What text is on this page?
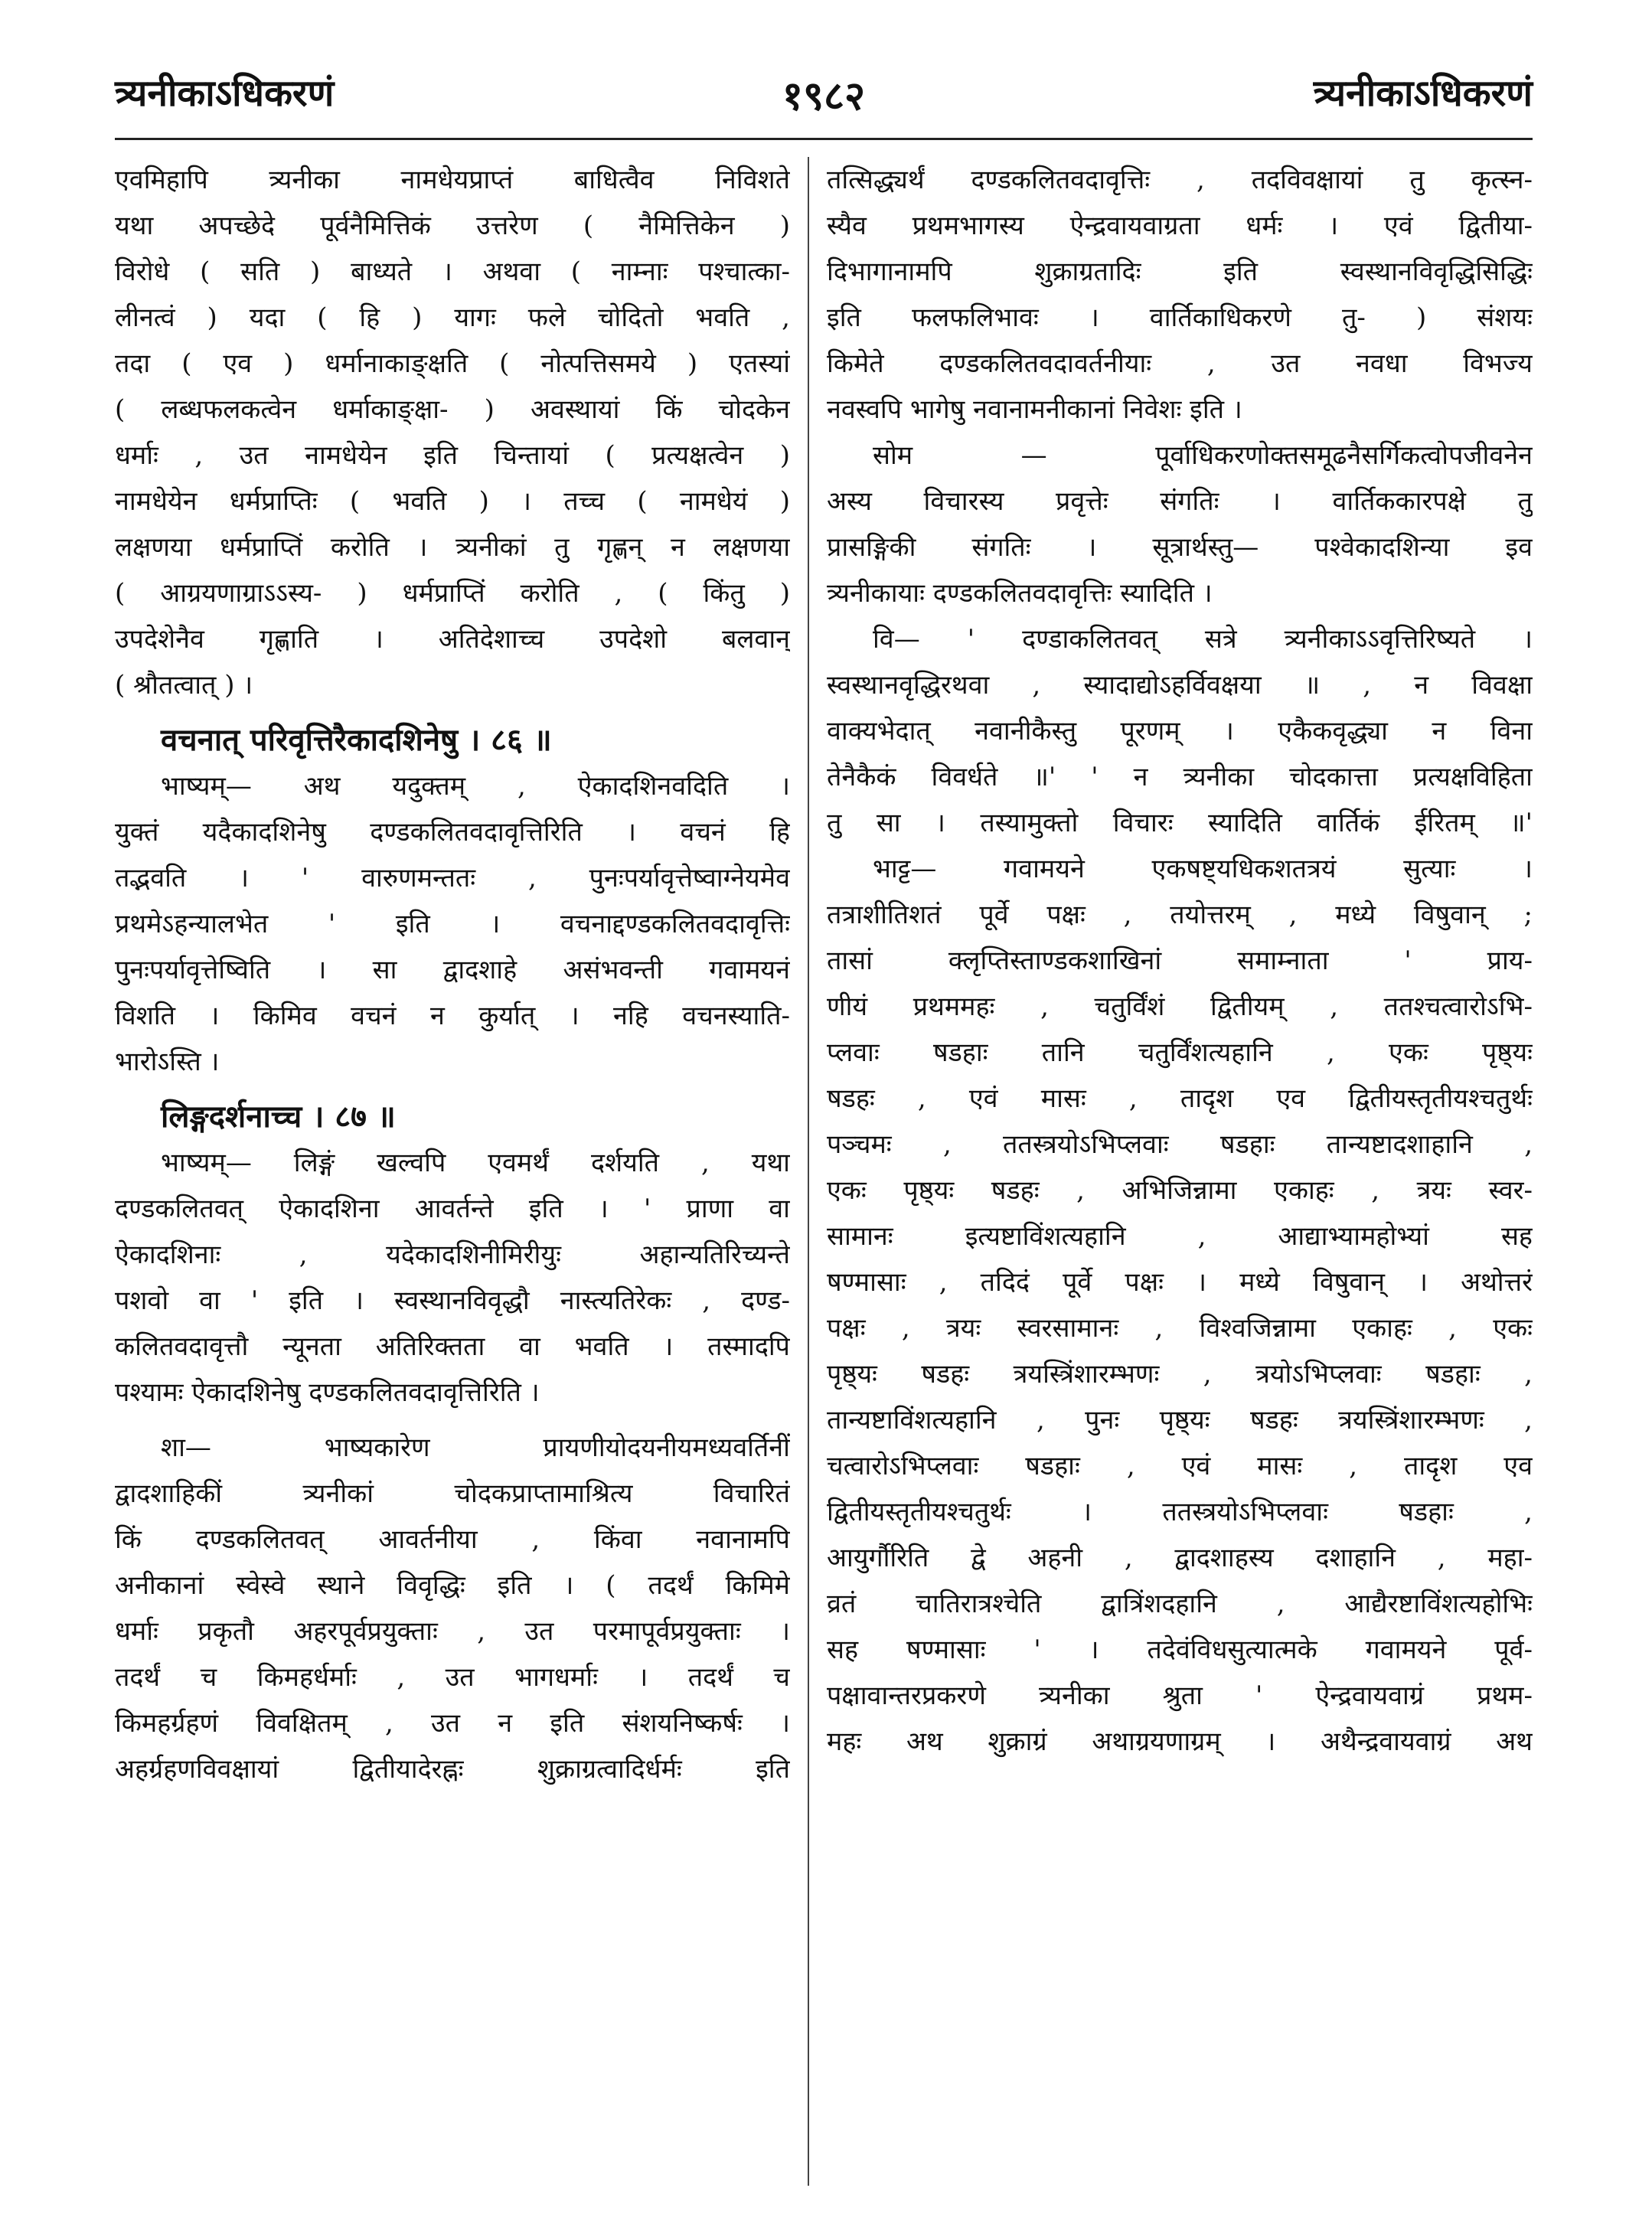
त्र्यनीकाऽधिकरणं	१९८२	त्र्यनीकाऽधिकरणं
एवमिहापि त्र्यनीका नामधेयप्राप्तं बाधित्वैव निविशते
यथा अपच्छेदे पूर्वनैमित्तिकं उत्तरेण ( नैमित्तिकेन )
विरोधे ( सति ) बाध्यते । अथवा ( नाम्नाः पश्चात्का-
लीनत्वं ) यदा ( हि ) यागः फले चोदितो भवति ,
तदा ( एव ) धर्मानाकाङ्क्षति ( नोत्पत्तिसमये ) एतस्यां
( लब्धफलकत्वेन धर्माकाङ्क्षा- ) अवस्थायां किं चोदकेन
धर्माः , उत नामधेयेन इति चिन्तायां ( प्रत्यक्षत्वेन )
नामधेयेन धर्मप्राप्तिः ( भवति ) । तच्च ( नामधेयं )
लक्षणया धर्मप्राप्तिं करोति । त्र्यनीकां तु गृह्णन् न लक्षणया
( आग्रयणाग्राऽऽस्य- ) धर्मप्राप्तिं करोति , ( किंतु )
उपदेशेनैव गृह्णाति । अतिदेशाच्च उपदेशो बलवान्
( श्रौतत्वात् ) ।
वचनात् परिवृत्तिरैकादशिनेषु । ८६ ॥
भाष्यम्— अथ यदुक्तम् , ऐकादशिनवदिति ।
युक्तं यदैकादशिनेषु दण्डकलितवदावृत्तिरिति । वचनं हि
तद्भवति । ' वारुणमन्ततः , पुनःपर्यावृत्तेष्वाग्नेयमेव
प्रथमेऽहन्यालभेत ' इति । वचनाद्दण्डकलितवदावृत्तिः
पुनःपर्यावृत्तेष्विति । सा द्वादशाहे असंभवन्ती गवामयनं
विशति । किमिव वचनं न कुर्यात् । नहि वचनस्याति-
भारोऽस्ति ।
लिङ्गदर्शनाच्च । ८७ ॥
भाष्यम्— लिङ्गं खल्वपि एवमर्थं दर्शयति , यथा
दण्डकलितवत् ऐकादशिना आवर्तन्ते इति । ' प्राणा वा
ऐकादशिनाः , यदेकादशिनीमिरीयुः अहान्यतिरिच्यन्ते
पशवो वा ' इति । स्वस्थानविवृद्धौ नास्त्यतिरेकः , दण्ड-
कलितवदावृत्तौ न्यूनता अतिरिक्तता वा भवति । तस्मादपि
पश्यामः ऐकादशिनेषु दण्डकलितवदावृत्तिरिति ।
शा— भाष्यकारेण प्रायणीयोदयनीयमध्यवर्तिनीं
द्वादशाहिकीं त्र्यनीकां चोदकप्राप्तामाश्रित्य विचारितं
किं दण्डकलितवत् आवर्तनीया , किंवा नवानामपि
अनीकानां स्वेस्वे स्थाने विवृद्धिः इति । ( तदर्थं किमिमे
धर्माः प्रकृतौ अहरपूर्वप्रयुक्ताः , उत परमापूर्वप्रयुक्ताः ।
तदर्थं च किमहर्धर्माः , उत भागधर्माः । तदर्थं च
किमहर्ग्रहणं विवक्षितम् , उत न इति संशयनिष्कर्षः ।
अहर्ग्रहणविवक्षायां द्वितीयादेरह्नः शुक्राग्रत्वादिर्धर्मः इति
तत्सिद्ध्यर्थं दण्डकलितवदावृत्तिः , तदविवक्षायां तु कृत्स्न-
स्यैव प्रथमभागस्य ऐन्द्रवायवाग्रता धर्मः । एवं द्वितीया-
दिभागानामपि शुक्राग्रतादिः इति स्वस्थानविवृद्धिसिद्धिः
इति फलफलिभावः । वार्तिकाधिकरणे तु- ) संशयः
किमेते दण्डकलितवदावर्तनीयाः , उत नवधा विभज्य
नवस्वपि भागेषु नवानामनीकानां निवेशः इति ।
सोम — पूर्वाधिकरणोक्तसमूढनैसर्गिकत्वोपजीवनेन
अस्य विचारस्य प्रवृत्तेः संगतिः । वार्तिककारपक्षे तु
प्रासङ्गिकी संगतिः । सूत्रार्थस्तु— पश्वेकादशिन्या इव
त्र्यनीकायाः दण्डकलितवदावृत्तिः स्यादिति ।
वि— ' दण्डाकलितवत् सत्रे त्र्यनीकाऽऽवृत्तिरिष्यते ।
स्वस्थानवृद्धिरथवा , स्यादाद्योऽहर्विवक्षया ॥ , न विवक्षा
वाक्यभेदात् नवानीकैस्तु पूरणम् । एकैकवृद्ध्या न विना
तेनैकैकं विवर्धते ॥' ' न त्र्यनीका चोदकात्ता प्रत्यक्षविहिता
तु सा । तस्यामुक्तो विचारः स्यादिति वार्तिकं ईरितम् ॥'
भाट्ट— गवामयने एकषष्ट्यधिकशतत्रयं सुत्याः ।
तत्राशीतिशतं पूर्वे पक्षः , तयोत्तरम् , मध्ये विषुवान् ;
तासां क्लृप्तिस्ताण्डकशाखिनां समाम्नाता ' प्राय-
णीयं प्रथममहः , चतुर्विंशं द्वितीयम् , ततश्चत्वारोऽभि-
प्लवाः षडहाः तानि चतुर्विंशत्यहानि , एकः पृष्ठ्यः
षडहः , एवं मासः , तादृश एव द्वितीयस्तृतीयश्चतुर्थः
पञ्चमः , ततस्त्रयोऽभिप्लवाः षडहाः तान्यष्टादशाहानि ,
एकः पृष्ठ्यः षडहः , अभिजिन्नामा एकाहः , त्रयः स्वर-
सामानः इत्यष्टाविंशत्यहानि , आद्याभ्यामहोभ्यां सह
षण्मासाः , तदिदं पूर्वे पक्षः । मध्ये विषुवान् । अथोत्तरं
पक्षः , त्रयः स्वरसामानः , विश्वजिन्नामा एकाहः , एकः
पृष्ठ्यः षडहः त्रयस्त्रिंशारम्भणः , त्रयोऽभिप्लवाः षडहाः ,
तान्यष्टाविंशत्यहानि , पुनः पृष्ठ्यः षडहः त्रयस्त्रिंशारम्भणः ,
चत्वारोऽभिप्लवाः षडहाः , एवं मासः , तादृश एव
द्वितीयस्तृतीयश्चतुर्थः । ततस्त्रयोऽभिप्लवाः षडहाः ,
आयुर्गौरिति द्वे अहनी , द्वादशाहस्य दशाहानि , महा-
व्रतं चातिरात्रश्चेति द्वात्रिंशदहानि , आद्यैरष्टाविंशत्यहोभिः
सह षण्मासाः ' । तदेवंविधसुत्यात्मके गवामयने पूर्व-
पक्षावान्तरप्रकरणे त्र्यनीका श्रुता ' ऐन्द्रवायवाग्रं प्रथम-
महः अथ शुक्राग्रं अथाग्रयणाग्रम् । अथैन्द्रवायवाग्रं अथ
